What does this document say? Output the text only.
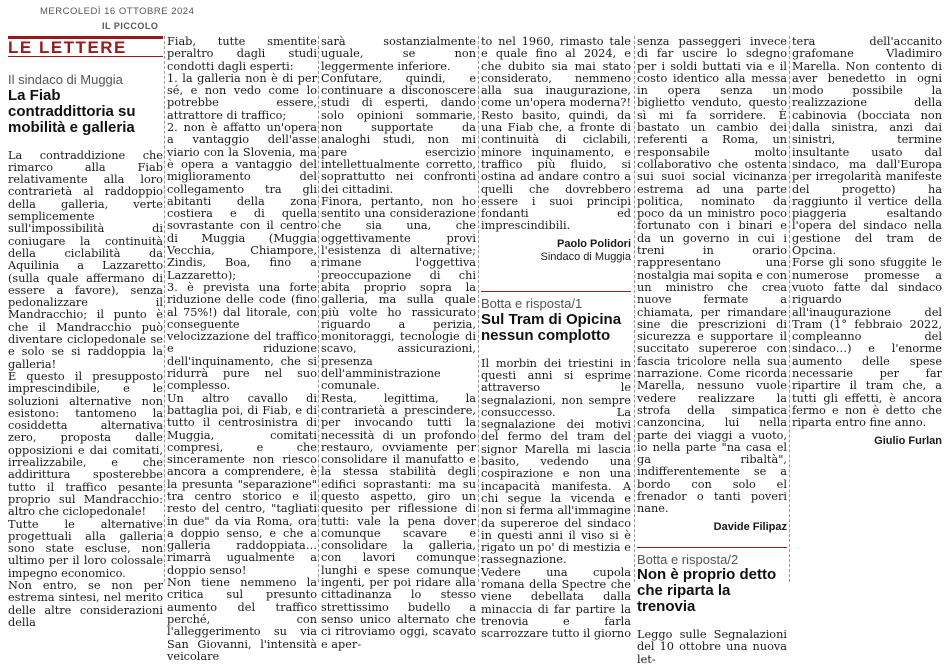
MERCOLEDÌ 16 OTTOBRE 2024
IL PICCOLO
LE LETTERE

Il sindaco di Muggia

La Fiab contraddittoria su mobilità e galleria

La contraddizione che rimarco alla Fiab relativamente alla loro contrarietà al raddoppio della galleria, verte semplicemente sull'impossibilità di coniugare la continuità della ciclabilità da Aquilinia a Lazzaretto (sulla quale affermano di essere a favore), senza pedonalizzare il Mandracchio; il punto è che il Mandracchio può diventare ciclopedonale se e solo se si raddoppia la galleria!

È questo il presupposto imprescindibile, e le soluzioni alternative non esistono: tantomeno la cosiddetta alternativa zero, proposta dalle opposizioni e dai comitati, irrealizzabile, e che addirittura sposterebbe tutto il traffico pesante proprio sul Mandracchio: altro che ciclopedonale!

Tutte le alternative progettuali alla galleria sono state escluse, non ultimo per il loro colossale impegno economico.

Non entro, se non per estrema sintesi, nel merito delle altre considerazioni della

Fiab, tutte smentite peraltro dagli studi condotti dagli esperti:

1. la galleria non è di per sé, e non vedo come lo potrebbe essere, attrattore di traffico;

2. non è affatto un'opera a vantaggio dell'asse viario con la Slovenia, ma è opera a vantaggio del miglioramento del collegamento tra gli abitanti della zona costiera e di quella sovrastante con il centro di Muggia (Muggia Vecchia, Chiampore, Zindis, Boa, fino a Lazzaretto);

3. è prevista una forte riduzione delle code (fino al 75%!) dal litorale, con conseguente velocizzazione del traffico e riduzione dell'inquinamento, che si ridurrà pure nel suo complesso.

Un altro cavallo di battaglia poi, di Fiab, e di tutto il centrosinistra di Muggia, comitati compresi, e che sinceramente non riesco ancora a comprendere, è la presunta "separazione" tra centro storico e il resto del centro, "tagliati in due" da via Roma, ora a doppio senso, e che a galleria raddoppiata… rimarrà ugualmente a doppio senso!

Non tiene nemmeno la critica sul presunto aumento del traffico perché, con l'alleggerimento su via San Giovanni, l'intensità veicolare

sarà sostanzialmente uguale, se non leggermente inferiore.

Confutare, quindi, e continuare a disconoscere studi di esperti, dando solo opinioni sommarie, non supportate da analoghi studi, non mi pare esercizio intellettualmente corretto, soprattutto nei confronti dei cittadini.

Finora, pertanto, non ho sentito una considerazione che sia una, che oggettivamente provi l'esistenza di alternative; rimane l'oggettiva preoccupazione di chi abita proprio sopra la galleria, ma sulla quale più volte ho rassicurato riguardo a perizia, monitoraggi, tecnologie di scavo, assicurazioni, presenza dell'amministrazione comunale.

Resta, legittima, la contrarietà a prescindere, per invocando tutti la necessità di un profondo restauro, ovviamente per consolidare il manufatto e la stessa stabilità degli edifici soprastanti: ma su questo aspetto, giro un quesito per riflessione di tutti: vale la pena dover comunque scavare e consolidare la galleria, con lavori comunque lunghi e spese comunque ingenti, per poi ridare alla cittadinanza lo stesso strettissimo budello a senso unico alternato che ci ritroviamo oggi, scavato e aper-

to nel 1960, rimasto tale e quale fino al 2024, e che dubito sia mai stato considerato, nemmeno alla sua inaugurazione, come un'opera moderna?! Resto basito, quindi, da una Fiab che, a fronte di continuità di ciclabili, minore inquinamento, e traffico più fluido, si ostina ad andare contro a quelli che dovrebbero essere i suoi principi fondanti ed imprescindibili.

Paolo Polidori
Sindaco di Muggia

Botta e risposta/1

Sul Tram di Opicina nessun complotto

Il morbin dei triestini in questi anni si esprime attraverso le segnalazioni, non sempre consuccesso. La segnalazione dei motivi del fermo del tram del signor Marella mi lascia basito, vedendo una cospirazione e non una incapacità manifesta. A chi segue la vicenda e non si ferma all'immagine da supereroe del sindaco in questi anni il viso si è rigato un po' di mestizia e rassegnazione.

Vedere una cupola romana della Spectre che viene debellata dalla minaccia di far partire la trenovia e farla scarrozzare tutto il giorno

senza passeggeri invece di far uscire lo sdegno per i soldi buttati via e il costo identico alla messa in opera senza un biglietto venduto, questo sì mi fa sorridere. È bastato un cambio dei referenti a Roma, un responsabile molto collaborativo che ostenta sui suoi social vicinanza estrema ad una parte politica, nominato da poco da un ministro poco fortunato con i binari e da un governo in cui i treni in orario rappresentano una nostalgia mai sopita e con un ministro che crea nuove fermate a chiamata, per rimandare sine die prescrizioni di sicurezza e supportare il succitato supereroe con fascia tricolore nella sua narrazione. Come ricorda Marella, nessuno vuole vedere realizzare la strofa della simpatica canzoncina, lui nella parte dei viaggi a vuoto, io nella parte "na casa el ga ribaltà", indifferentemente se a bordo con solo el frenador o tanti poveri nane.

Davide Filipaz

Botta e risposta/2

Non è proprio detto che riparta la trenovia

Leggo sulle Segnalazioni del 10 ottobre una nuova let-

tera dell'accanito grafomane Vladimiro Marella. Non contento di aver benedetto in ogni modo possibile la realizzazione della cabinovia (bocciata non dalla sinistra, anzi dai sinistri, termine insultante usato dal sindaco, ma dall'Europa per irregolarità manifeste del progetto) ha raggiunto il vertice della piaggeria esaltando l'opera del sindaco nella gestione del tram de Opcina.

Forse gli sono sfuggite le numerose promesse a vuoto fatte dal sindaco riguardo all'inaugurazione del Tram (1° febbraio 2022, compleanno del sindaco…) e l'enorme aumento delle spese necessarie per far ripartire il tram che, a tutti gli effetti, è ancora fermo e non è detto che riparta entro fine anno.

Giulio Furlan
